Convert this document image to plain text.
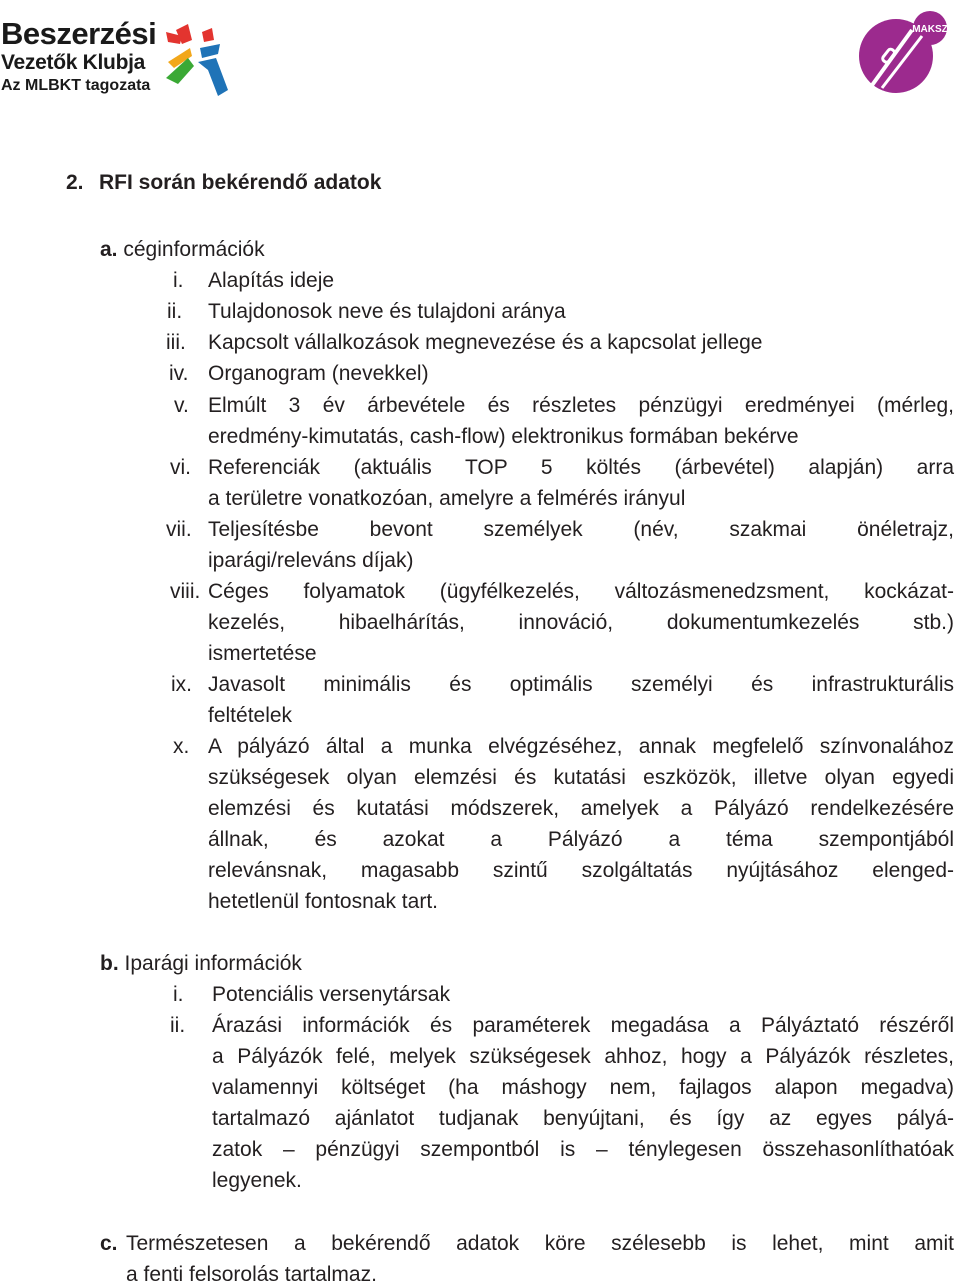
Beszerzési
Vezetők Klubja
Az MLBKT tagozata
MAKSZ
2. RFI során bekérendő adatok
a. céginformációk
i. Alapítás ideje
ii. Tulajdonosok neve és tulajdoni aránya
iii. Kapcsolt vállalkozások megnevezése és a kapcsolat jellege
iv. Organogram (nevekkel)
v. Elmúlt 3 év árbevétele és részletes pénzügyi eredményei (mérleg,
eredmény-kimutatás, cash-flow) elektronikus formában bekérve
vi. Referenciák (aktuális TOP 5 költés (árbevétel) alapján) arra
a területre vonatkozóan, amelyre a felmérés irányul
vii. Teljesítésbe bevont személyek (név, szakmai önéletrajz,
iparági/releváns díjak)
viii. Céges folyamatok (ügyfélkezelés, változásmenedzsment, kockázat-
kezelés, hibaelhárítás, innováció, dokumentumkezelés stb.)
ismertetése
ix. Javasolt minimális és optimális személyi és infrastrukturális
feltételek
x. A pályázó által a munka elvégzéséhez, annak megfelelő színvonalához
szükségesek olyan elemzési és kutatási eszközök, illetve olyan egyedi
elemzési és kutatási módszerek, amelyek a Pályázó rendelkezésére
állnak, és azokat a Pályázó a téma szempontjából
relevánsnak, magasabb szintű szolgáltatás nyújtásához elenged-
hetetlenül fontosnak tart.
b. Iparági információk
i. Potenciális versenytársak
ii. Árazási információk és paraméterek megadása a Pályáztató részéről
a Pályázók felé, melyek szükségesek ahhoz, hogy a Pályázók részletes,
valamennyi költséget (ha máshogy nem, fajlagos alapon megadva)
tartalmazó ajánlatot tudjanak benyújtani, és így az egyes pályá-
zatok – pénzügyi szempontból is – ténylegesen összehasonlíthatóak
legyenek.
c. Természetesen a bekérendő adatok köre szélesebb is lehet, mint amit
a fenti felsorolás tartalmaz.
